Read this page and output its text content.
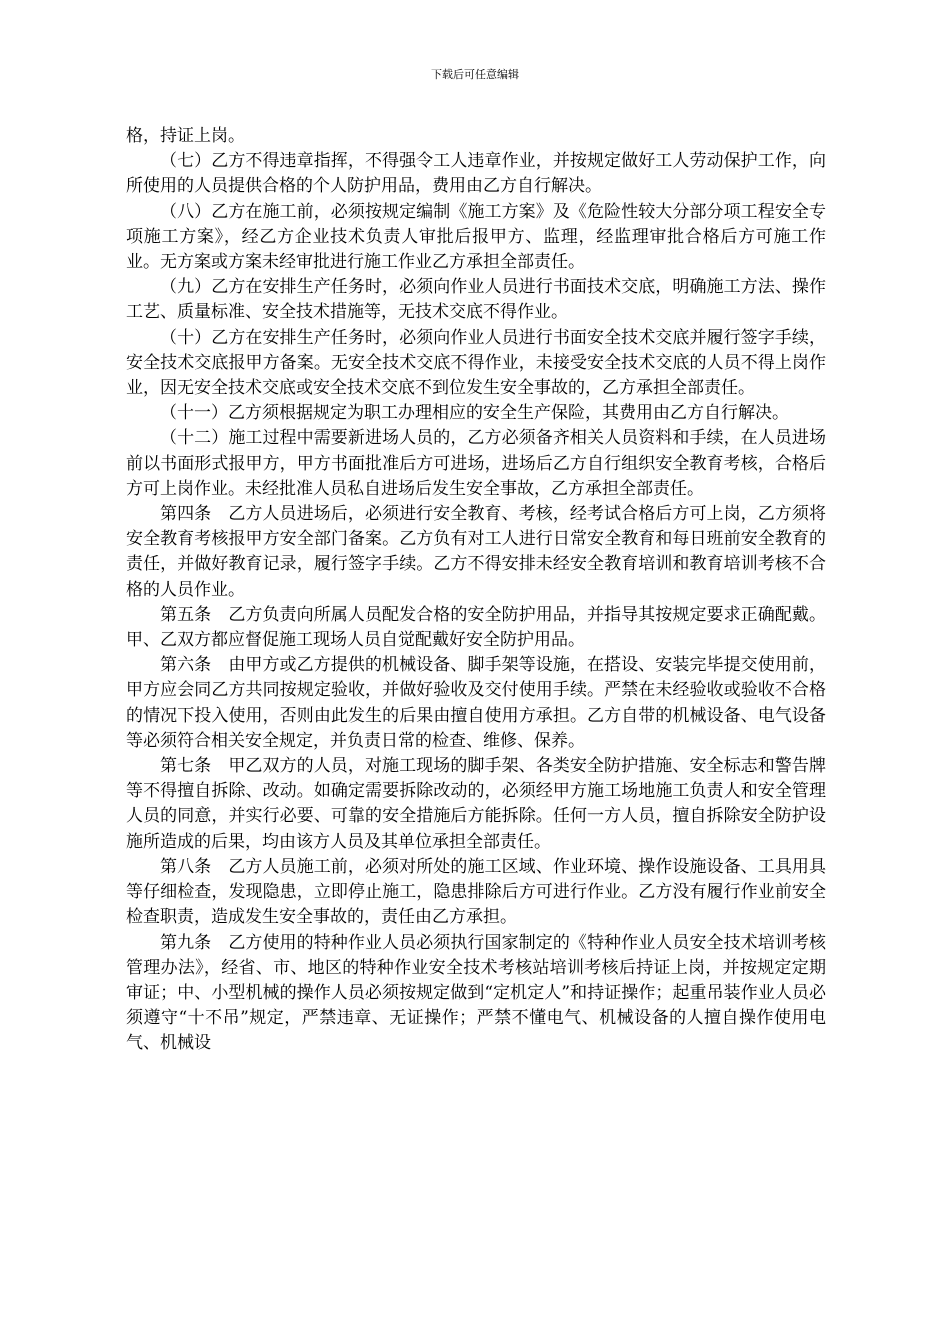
下载后可任意编辑

格，持证上岗。

（七）乙方不得违章指挥，不得强令工人违章作业，并按规定做好工人劳动保护工作，向所使用的人员提供合格的个人防护用品，费用由乙方自行解决。

（八）乙方在施工前，必须按规定编制《施工方案》及《危险性较大分部分项工程安全专项施工方案》，经乙方企业技术负责人审批后报甲方、监理，经监理审批合格后方可施工作业。无方案或方案未经审批进行施工作业乙方承担全部责任。

（九）乙方在安排生产任务时，必须向作业人员进行书面技术交底，明确施工方法、操作工艺、质量标准、安全技术措施等，无技术交底不得作业。

（十）乙方在安排生产任务时，必须向作业人员进行书面安全技术交底并履行签字手续，安全技术交底报甲方备案。无安全技术交底不得作业，未接受安全技术交底的人员不得上岗作业，因无安全技术交底或安全技术交底不到位发生安全事故的，乙方承担全部责任。

（十一）乙方须根据规定为职工办理相应的安全生产保险，其费用由乙方自行解决。

（十二）施工过程中需要新进场人员的，乙方必须备齐相关人员资料和手续，在人员进场前以书面形式报甲方，甲方书面批准后方可进场，进场后乙方自行组织安全教育考核，合格后方可上岗作业。未经批准人员私自进场后发生安全事故，乙方承担全部责任。

第四条　乙方人员进场后，必须进行安全教育、考核，经考试合格后方可上岗，乙方须将安全教育考核报甲方安全部门备案。乙方负有对工人进行日常安全教育和每日班前安全教育的责任，并做好教育记录，履行签字手续。乙方不得安排未经安全教育培训和教育培训考核不合格的人员作业。

第五条　乙方负责向所属人员配发合格的安全防护用品，并指导其按规定要求正确配戴。甲、乙双方都应督促施工现场人员自觉配戴好安全防护用品。

第六条　由甲方或乙方提供的机械设备、脚手架等设施，在搭设、安装完毕提交使用前，甲方应会同乙方共同按规定验收，并做好验收及交付使用手续。严禁在未经验收或验收不合格的情况下投入使用，否则由此发生的后果由擅自使用方承担。乙方自带的机械设备、电气设备等必须符合相关安全规定，并负责日常的检查、维修、保养。

第七条　甲乙双方的人员，对施工现场的脚手架、各类安全防护措施、安全标志和警告牌等不得擅自拆除、改动。如确定需要拆除改动的，必须经甲方施工场地施工负责人和安全管理人员的同意，并实行必要、可靠的安全措施后方能拆除。任何一方人员，擅自拆除安全防护设施所造成的后果，均由该方人员及其单位承担全部责任。

第八条　乙方人员施工前，必须对所处的施工区域、作业环境、操作设施设备、工具用具等仔细检查，发现隐患，立即停止施工，隐患排除后方可进行作业。乙方没有履行作业前安全检查职责，造成发生安全事故的，责任由乙方承担。

第九条　乙方使用的特种作业人员必须执行国家制定的《特种作业人员安全技术培训考核管理办法》，经省、市、地区的特种作业安全技术考核站培训考核后持证上岗，并按规定定期审证；中、小型机械的操作人员必须按规定做到“定机定人”和持证操作；起重吊装作业人员必须遵守“十不吊”规定，严禁违章、无证操作；严禁不懂电气、机械设备的人擅自操作使用电气、机械设
